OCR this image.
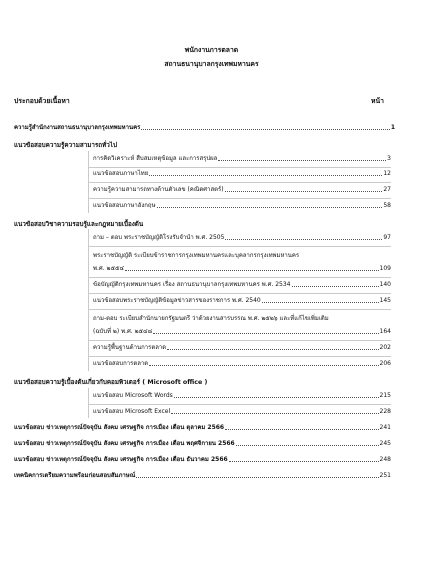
พนักงานการตลาด
สถานธนานุบาลกรุงเทพมหานคร
ประกอบด้วยเนื้อหา	หน้า
ความรู้สำนักงานสถานธนานุบาลกรุงเทพมหานคร	1
แนวข้อสอบความรู้ความสามารถทั่วไป
การคิดวิเคราะห์ สืบสมเหตุข้อมูล และการสรุปผล	3
แนวข้อสอบภาษาไทย	12
ความรู้ความสามารถทางด้านตัวเลข (คณิตศาสตร์)	27
แนวข้อสอบภาษาอังกฤษ	58
แนวข้อสอบวิชาความรอบรู้และกฎหมายเบื้องต้น
ถาม – ตอบ พระราชบัญญัติโรงรับจำนำ พ.ศ. 2505	97
พระราชบัญญัติ ระเบียบข้าราชการกรุงเทพมหานครและบุคลากรกรุงเทพมหานคร
พ.ศ. ๒๕๕๔	109
ข้อบัญญัติกรุงเทพมหานคร เรื่อง สถานธนานุบาลกรุงเทพมหานคร พ.ศ. 2534	140
แนวข้อสอบพระราชบัญญัติข้อมูลข่าวสารของราชการ พ.ศ. 2540	145
ถาม-ตอบ ระเบียบสำนักนายกรัฐมนตรี ว่าด้วยงานสารบรรณ พ.ศ. ๒๕๒๖ และที่แก้ไขเพิ่มเติม
(ฉบับที่ ๒) พ.ศ. ๒๕๔๘	164
ความรู้พื้นฐานด้านการตลาด	202
แนวข้อสอบการตลาด	206
แนวข้อสอบความรู้เบื้องต้นเกี่ยวกับคอมพิวเตอร์ ( Microsoft office )
แนวข้อสอบ Microsoft Words	215
แนวข้อสอบ Microsoft Excel	228
แนวข้อสอบ ข่าวเหตุการณ์ปัจจุบัน สังคม เศรษฐกิจ การเมือง เดือน ตุลาคม 2566	241
แนวข้อสอบ ข่าวเหตุการณ์ปัจจุบัน สังคม เศรษฐกิจ การเมือง เดือน พฤศจิกายน 2566	245
แนวข้อสอบ ข่าวเหตุการณ์ปัจจุบัน สังคม เศรษฐกิจ การเมือง เดือน ธันวาคม 2566	248
เทคนิคการเตรียมความพร้อมก่อนสอบสัมภาษณ์	251
